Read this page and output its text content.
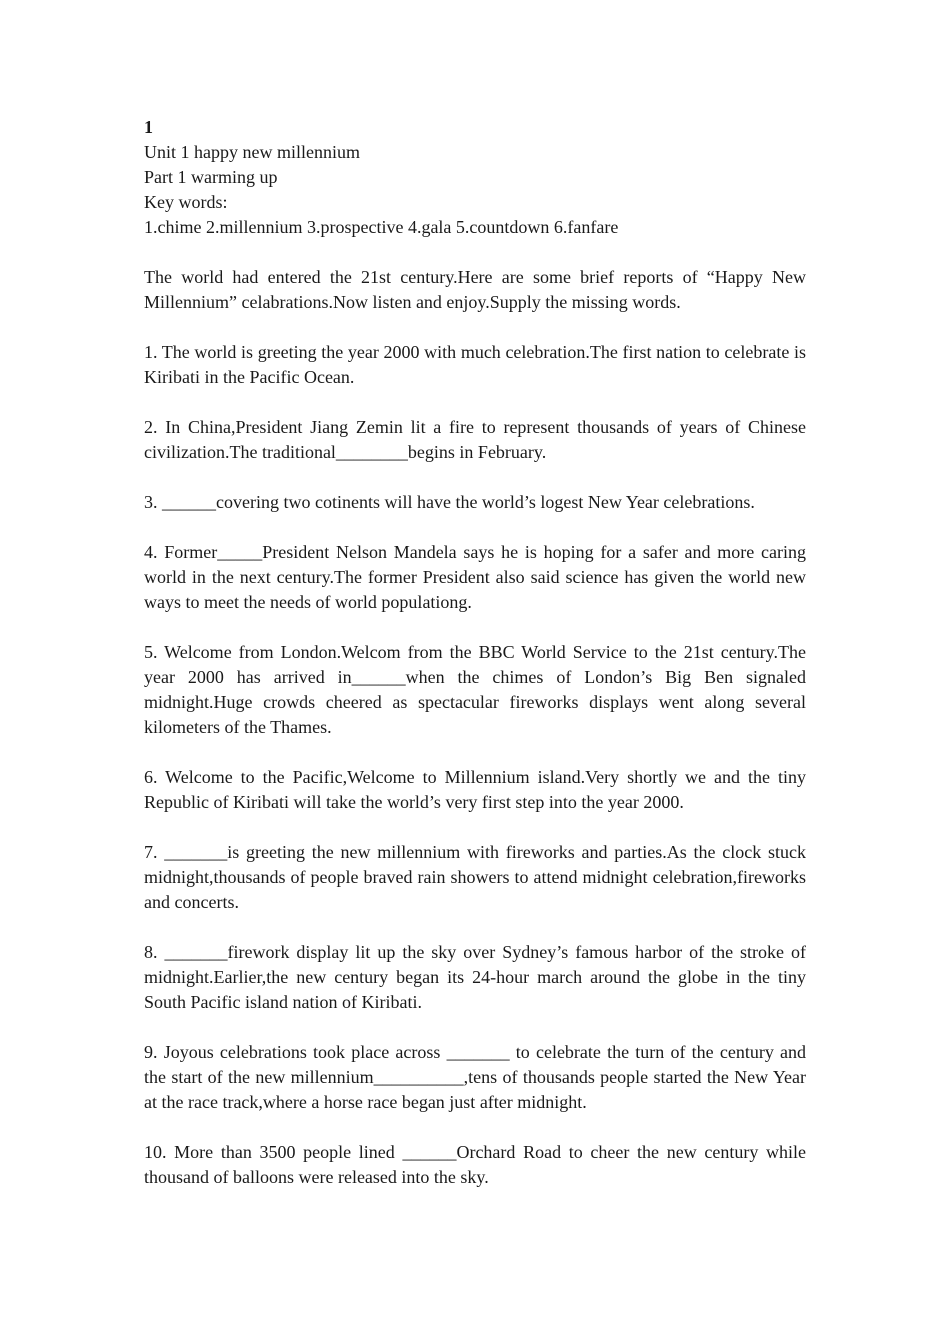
1
Unit 1 happy new millennium
Part 1 warming up
Key words:
1.chime 2.millennium 3.prospective 4.gala 5.countdown 6.fanfare

The world had entered the 21st century.Here are some brief reports of “Happy New Millennium” celabrations.Now listen and enjoy.Supply the missing words.

1. The world is greeting the year 2000 with much celebration.The first nation to celebrate is Kiribati in the Pacific Ocean.

2. In China,President Jiang Zemin lit a fire to represent thousands of years of Chinese civilization.The traditional________begins in February.

3. ______covering two cotinents will have the world’s logest New Year celebrations.

4. Former_____President Nelson Mandela says he is hoping for a safer and more caring world in the next century.The former President also said science has given the world new ways to meet the needs of world populationg.

5. Welcome from London.Welcom from the BBC World Service to the 21st century.The year 2000 has arrived in______when the chimes of London’s Big Ben signaled midnight.Huge crowds cheered as spectacular fireworks displays went along several kilometers of the Thames.

6. Welcome to the Pacific,Welcome to Millennium island.Very shortly we and the tiny Republic of Kiribati will take the world’s very first step into the year 2000.

7. _______is greeting the new millennium with fireworks and parties.As the clock stuck midnight,thousands of people braved rain showers to attend midnight celebration,fireworks and concerts.

8. _______firework display lit up the sky over Sydney’s famous harbor of the stroke of midnight.Earlier,the new century began its 24-hour march around the globe in the tiny South Pacific island nation of Kiribati.

9. Joyous celebrations took place across _______ to celebrate the turn of the century and the start of the new millennium__________,tens of thousands people started the New Year at the race track,where a horse race began just after midnight.

10. More than 3500 people lined ______Orchard Road to cheer the new century while thousand of balloons were released into the sky.
